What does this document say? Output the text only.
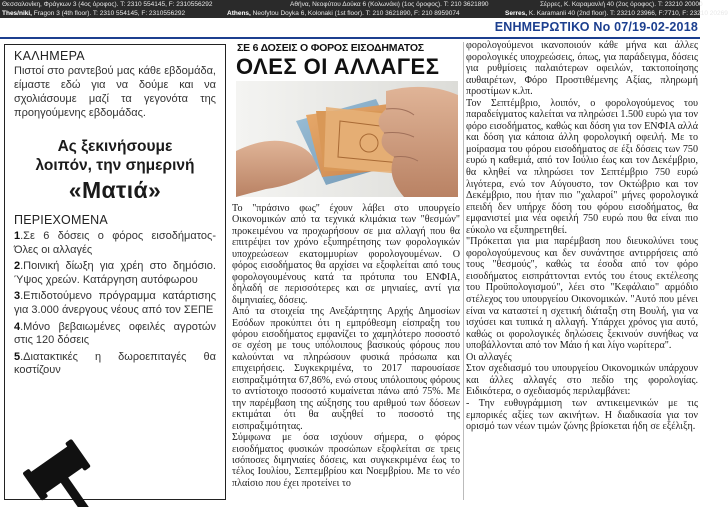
Θεσσαλονίκη, Φράγκων 3 (4ος όροφος). T: 2310 554145, F: 2310556292	Αθήνα, Νεοφύτου Δούκα 6 (Κολωνάκι) (1ος όροφος). T: 210 3621890	Σέρρες, Κ. Καραμανλή 40 (2ος όροφος). T: 23210 20000
Thes/niki, Fragon 3 (4th floor). T: 2310 554145, F: 2310556292	Athens, Neofytou Doyka 6, Kolonaki (1st floor). T: 210 3621890, F: 210 8959074	Serres, K. Karamanli 40 (2nd floor). T: 23210 23966, F:7710, F: 23210 20269
ΕΝΗΜΕΡΩΤΙΚΟ Νο 07/19-02-2018
ΚΑΛΗΜΕΡΑ
Πιστοί στο ραντεβού μας κάθε εβδομάδα, είμαστε εδώ για να δούμε και να σχολιάσουμε μαζί τα γεγονότα της προηγούμενης εβδομάδας.
Ας ξεκινήσουμε
λοιπόν, την σημερινή
«Ματιά»
ΠΕΡΙΕΧΟΜΕΝΑ
1.Σε 6 δόσεις ο φόρος εισοδήματος- Όλες οι αλλαγές
2.Ποινική δίωξη για χρέη στο δημόσιο. Ύψος χρεών. Κατάργηση αυτόφωρου
3.Επιδοτούμενο πρόγραμμα κατάρτισης για 3.000 άνεργους νέους από τον ΣΕΠΕ
4.Μόνο βεβαιωμένες οφειλές αγροτών στις 120 δόσεις
5.Διατακτικές η δωροεπιταγές θα κοστίζουν
ΣΕ 6 ΔΟΣΕΙΣ Ο ΦΟΡΟΣ ΕΙΣΟΔΗΜΑΤΟΣ
ΟΛΕΣ ΟΙ ΑΛΛΑΓΕΣ

Το "πράσινο φως" έχουν λάβει στο υπουργείο Οικονομικών από τα τεχνικά κλιμάκια των "θεσμών" προκειμένου να προχωρήσουν σε μια αλλαγή που θα επιτρέψει τον χρόνο εξυπηρέτησης των φορολογικών υποχρεώσεων εκατομμυρίων φορολογουμένων. Ο φόρος εισοδήματος θα αρχίσει να εξοφλείται από τους φορολογουμένους κατά τα πρότυπα του ΕΝΦΙΑ, δηλαδή σε περισσότερες και σε μηνιαίες, αντί για διμηνιαίες, δόσεις.

Από τα στοιχεία της Ανεξάρτητης Αρχής Δημοσίων Εσόδων προκύπτει ότι η εμπρόθεσμη είσπραξη του φόρου εισοδήματος εμφανίζει το χαμηλότερο ποσοστό σε σχέση με τους υπόλοιπους βασικούς φόρους που καλούνται να πληρώσουν φυσικά πρόσωπα και επιχειρήσεις. Συγκεκριμένα, το 2017 παρουσίασε εισπραξιμότητα 67,86%, ενώ στους υπόλοιπους φόρους το αντίστοιχο ποσοστό κυμαίνεται πάνω από 75%. Με την παρέμβαση της αύξησης του αριθμού των δόσεων εκτιμάται ότι θα αυξηθεί το ποσοστό της εισπραξιμότητας.

Σύμφωνα με όσα ισχύουν σήμερα, ο φόρος εισοδήματος φυσικών προσώπων εξοφλείται σε τρεις ισόποσες διμηνιαίες δόσεις, και συγκεκριμένα έως το τέλος Ιουλίου, Σεπτεμβρίου και Νοεμβρίου. Με το νέο πλαίσιο που έχει προτείνει το

φορολογούμενοι ικανοποιούν κάθε μήνα και άλλες φορολογικές υποχρεώσεις, όπως, για παράδειγμα, δόσεις για ρυθμίσεις παλαιότερων οφειλών, τακτοποίησης αυθαιρέτων, Φόρο Προστιθέμενης Αξίας, πληρωμή προστίμων κ.λπ.

Τον Σεπτέμβριο, λοιπόν, ο φορολογούμενος του παραδείγματος καλείται να πληρώσει 1.500 ευρώ για τον φόρο εισοδήματος, καθώς και δόση για τον ΕΝΦΙΑ αλλά και δόση για κάποια άλλη φορολογική οφειλή. Με το μοίρασμα του φόρου εισοδήματος σε έξι δόσεις των 750 ευρώ η καθεμιά, από τον Ιούλιο έως και τον Δεκέμβριο, θα κληθεί να πληρώσει τον Σεπτέμβριο 750 ευρώ λιγότερα, ενώ τον Αύγουστο, τον Οκτώβριο και τον Δεκέμβριο, που ήταν πιο "χαλαροί" μήνες φορολογικά επειδή δεν υπήρχε δόση του φόρου εισοδήματος, θα εμφανιστεί μια νέα οφειλή 750 ευρώ που θα είναι πιο εύκολο να εξυπηρετηθεί.

"Πρόκειται για μια παρέμβαση που διευκολύνει τους φορολογούμενους και δεν συνάντησε αντιρρήσεις από τους "θεσμούς", καθώς τα έσοδα από τον φόρο εισοδήματος εισπράττονται εντός του έτους εκτέλεσης του Προϋπολογισμού", λέει στο "Κεφάλαιο" αρμόδιο στέλεχος του υπουργείου Οικονομικών. "Αυτό που μένει είναι να καταστεί η σχετική διάταξη στη Βουλή, για να ισχύσει και τυπικά η αλλαγή. Υπάρχει χρόνος για αυτό, καθώς οι φορολογικές δηλώσεις ξεκινούν συνήθως να υποβάλλονται από τον Μάιο ή και λίγο νωρίτερα".

Οι αλλαγές

Στον σχεδιασμό του υπουργείου Οικονομικών υπάρχουν και άλλες αλλαγές στο πεδίο της φορολογίας. Ειδικότερα, ο σχεδιασμός περιλαμβάνει:

- Την ευθυγράμμιση των αντικειμενικών με τις εμπορικές αξίες των ακινήτων. Η διαδικασία για τον ορισμό των νέων τιμών ζώνης βρίσκεται ήδη σε εξέλιξη.
